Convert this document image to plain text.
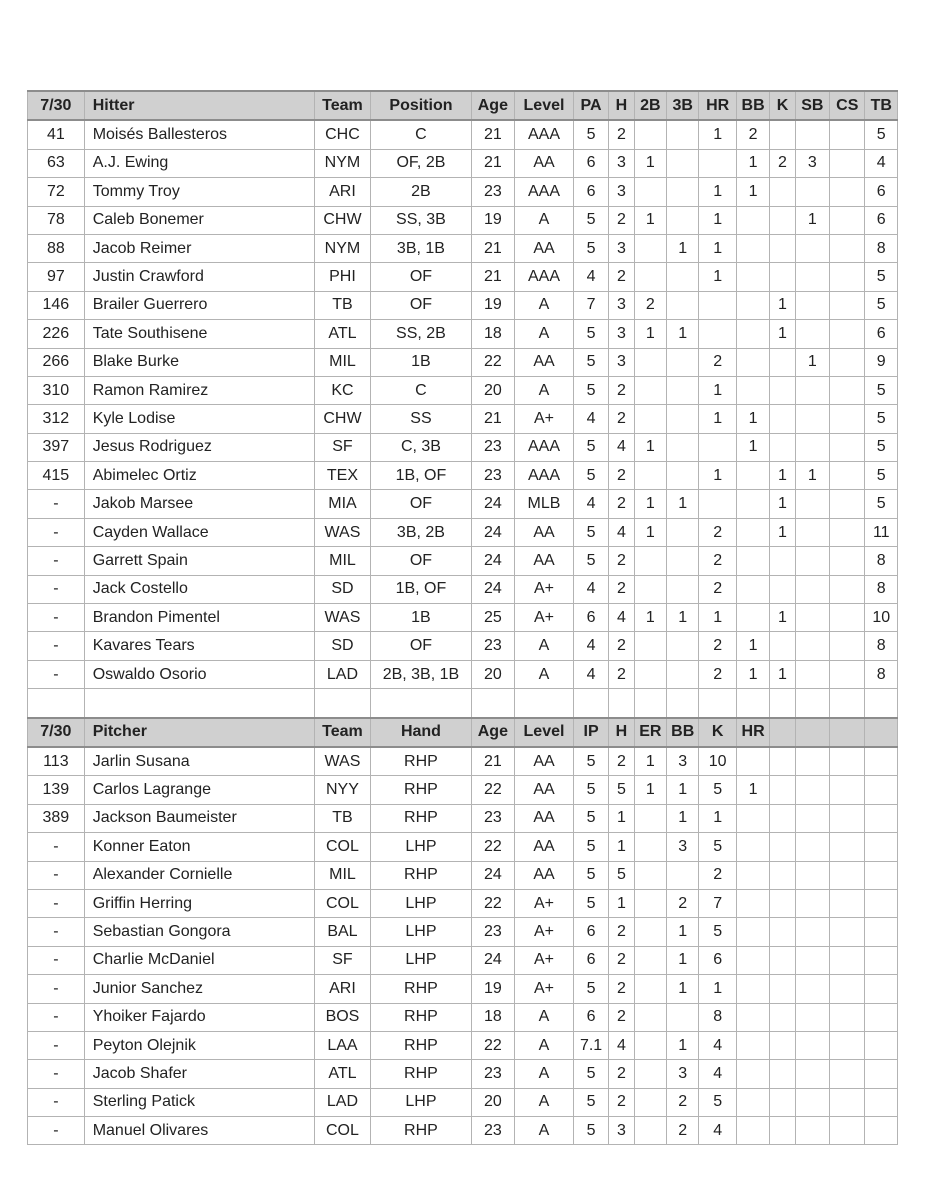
7/30	Hitter	Team	Position	Age	Level	PA	H	2B	3B	HR	BB	K	SB	CS	TB
41	Moisés Ballesteros	CHC	C	21	AAA	5	2			1	2				5
63	A.J. Ewing	NYM	OF, 2B	21	AA	6	3	1			1	2	3		4
72	Tommy Troy	ARI	2B	23	AAA	6	3			1	1				6
78	Caleb Bonemer	CHW	SS, 3B	19	A	5	2	1		1			1		6
88	Jacob Reimer	NYM	3B, 1B	21	AA	5	3		1	1					8
97	Justin Crawford	PHI	OF	21	AAA	4	2			1					5
146	Brailer Guerrero	TB	OF	19	A	7	3	2				1			5
226	Tate Southisene	ATL	SS, 2B	18	A	5	3	1	1			1			6
266	Blake Burke	MIL	1B	22	AA	5	3			2			1		9
310	Ramon Ramirez	KC	C	20	A	5	2			1					5
312	Kyle Lodise	CHW	SS	21	A+	4	2			1	1				5
397	Jesus Rodriguez	SF	C, 3B	23	AAA	5	4	1			1				5
415	Abimelec Ortiz	TEX	1B, OF	23	AAA	5	2			1		1	1		5
-	Jakob Marsee	MIA	OF	24	MLB	4	2	1	1			1			5
-	Cayden Wallace	WAS	3B, 2B	24	AA	5	4	1		2		1			11
-	Garrett Spain	MIL	OF	24	AA	5	2			2					8
-	Jack Costello	SD	1B, OF	24	A+	4	2			2					8
-	Brandon Pimentel	WAS	1B	25	A+	6	4	1	1	1		1			10
-	Kavares Tears	SD	OF	23	A	4	2			2	1				8
-	Oswaldo Osorio	LAD	2B, 3B, 1B	20	A	4	2			2	1	1			8

7/30	Pitcher	Team	Hand	Age	Level	IP	H	ER	BB	K	HR				
113	Jarlin Susana	WAS	RHP	21	AA	5	2	1	3	10					
139	Carlos Lagrange	NYY	RHP	22	AA	5	5	1	1	5	1				
389	Jackson Baumeister	TB	RHP	23	AA	5	1		1	1					
-	Konner Eaton	COL	LHP	22	AA	5	1		3	5					
-	Alexander Cornielle	MIL	RHP	24	AA	5	5			2					
-	Griffin Herring	COL	LHP	22	A+	5	1		2	7					
-	Sebastian Gongora	BAL	LHP	23	A+	6	2		1	5					
-	Charlie McDaniel	SF	LHP	24	A+	6	2		1	6					
-	Junior Sanchez	ARI	RHP	19	A+	5	2		1	1					
-	Yhoiker Fajardo	BOS	RHP	18	A	6	2			8					
-	Peyton Olejnik	LAA	RHP	22	A	7.1	4		1	4					
-	Jacob Shafer	ATL	RHP	23	A	5	2		3	4					
-	Sterling Patick	LAD	LHP	20	A	5	2		2	5					
-	Manuel Olivares	COL	RHP	23	A	5	3		2	4					
